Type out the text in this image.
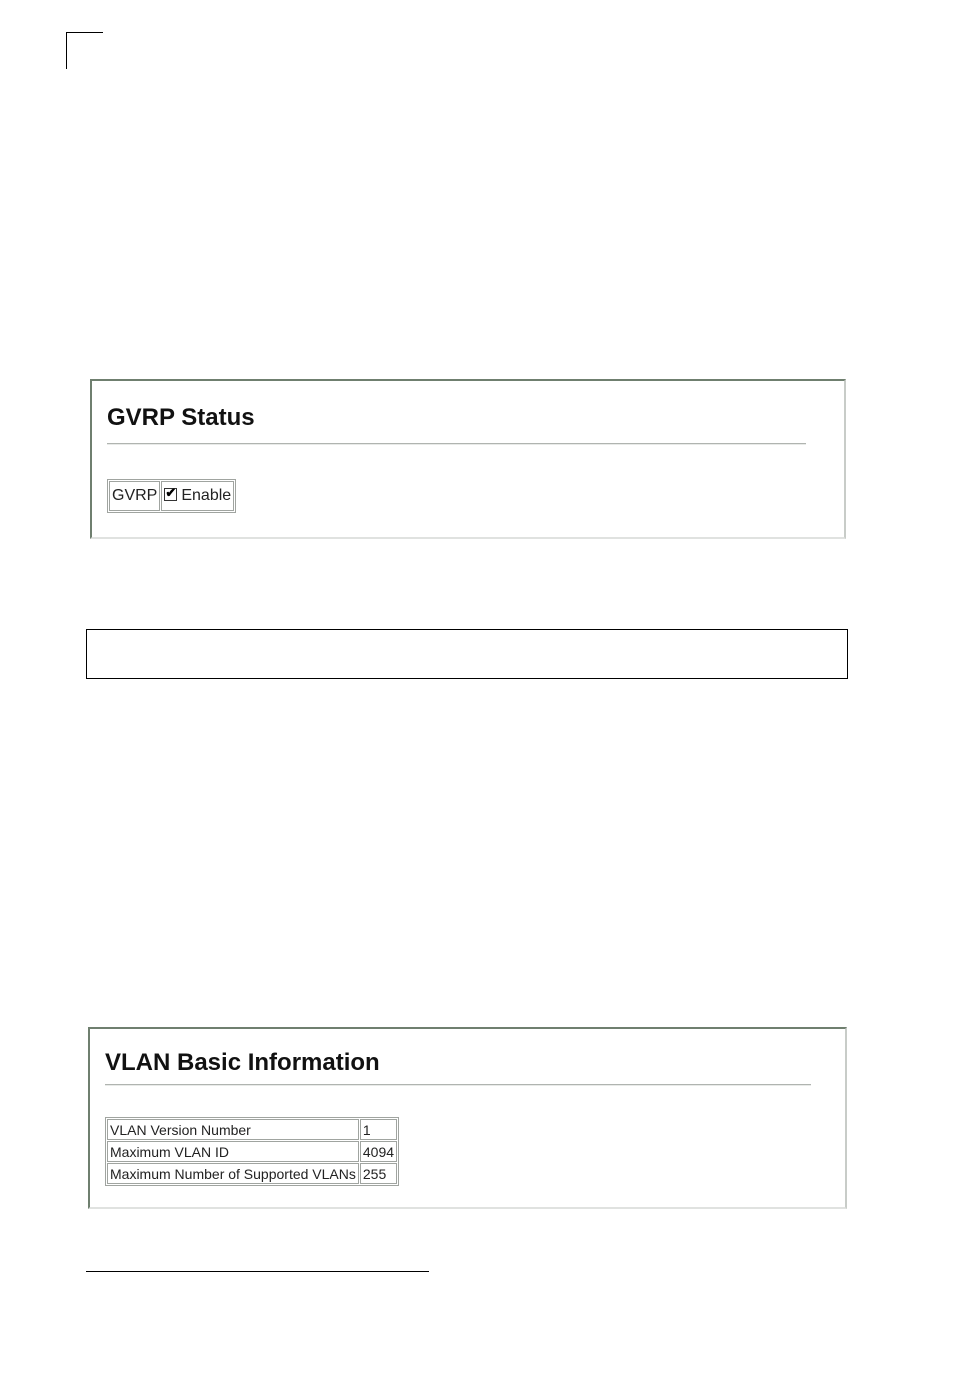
GVRP Status
GVRP	✔ Enable
VLAN Basic Information
VLAN Version Number	1
Maximum VLAN ID	4094
Maximum Number of Supported VLANs	255
